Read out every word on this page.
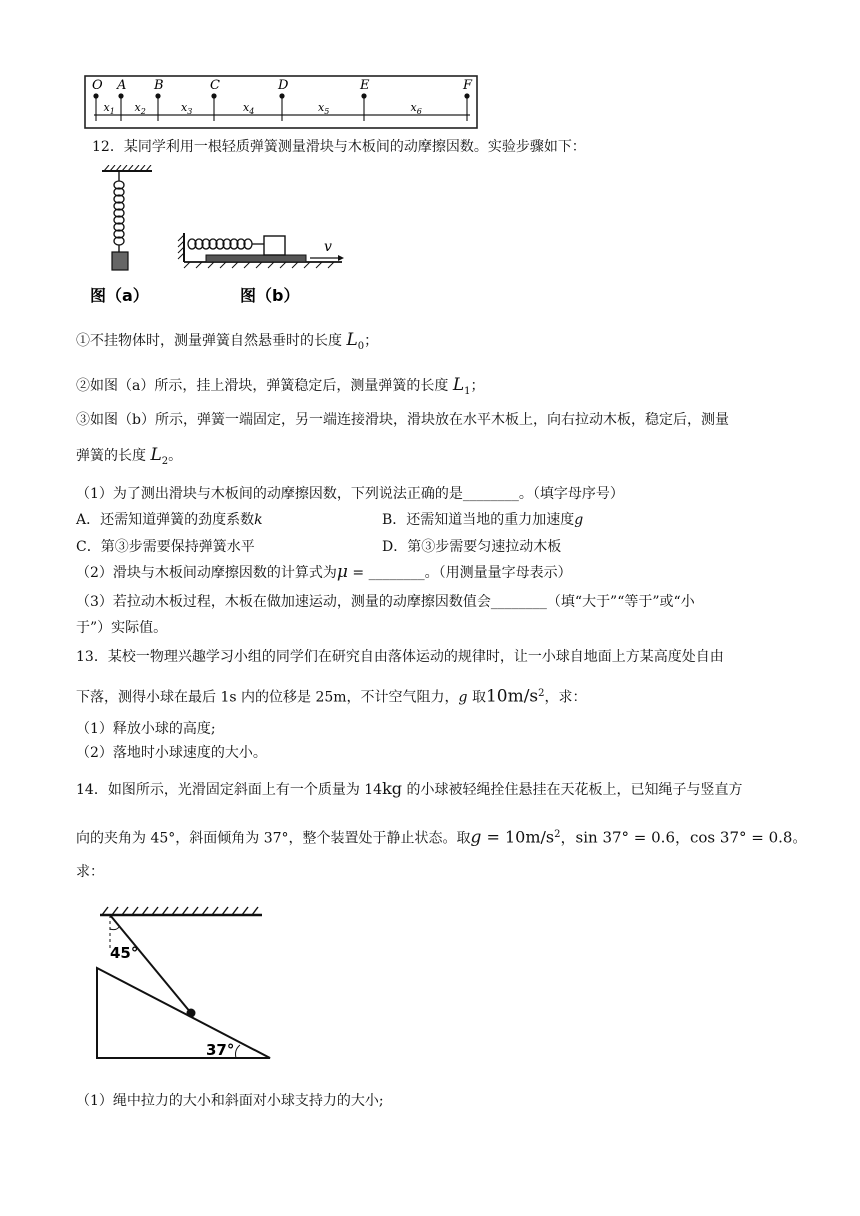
O A B	C	D	E	F
$x_1$ $x_2$	$x_3$	$x_4$	$x_5$	$x_6$
12．某同学利用一根轻质弹簧测量滑块与木板间的动摩擦因数。实验步骤如下：
v
图（a）	图（b）
①不挂物体时，测量弹簧自然悬垂时的长度 $L_0$；
②如图（a）所示，挂上滑块，弹簧稳定后，测量弹簧的长度 $L_1$；
③如图（b）所示，弹簧一端固定，另一端连接滑块，滑块放在水平木板上，向右拉动木板，稳定后，测量
弹簧的长度 $L_2$。
（1）为了测出滑块与木板间的动摩擦因数，下列说法正确的是________。（填字母序号）
A．还需知道弹簧的劲度系数k	B．还需知道当地的重力加速度g
C．第③步需要保持弹簧水平	D．第③步需要匀速拉动木板
（2）滑块与木板间动摩擦因数的计算式为μ = ________。（用测量量字母表示）
（3）若拉动木板过程，木板在做加速运动，测量的动摩擦因数值会________（填“大于”“等于”或“小
于”）实际值。
13．某校一物理兴趣学习小组的同学们在研究自由落体运动的规律时，让一小球自地面上方某高度处自由
下落，测得小球在最后 1s 内的位移是 25m，不计空气阻力，g 取$10m/s^2$，求：
（1）释放小球的高度;
（2）落地时小球速度的大小。
14．如图所示，光滑固定斜面上有一个质量为 14kg 的小球被轻绳拴住悬挂在天花板上，已知绳子与竖直方
向的夹角为 45°，斜面倾角为 37°，整个装置处于静止状态。取$g = 10m/s^2$，sin 37° = 0.6，cos 37° = 0.8。
求：
45°
37°
（1）绳中拉力的大小和斜面对小球支持力的大小;
